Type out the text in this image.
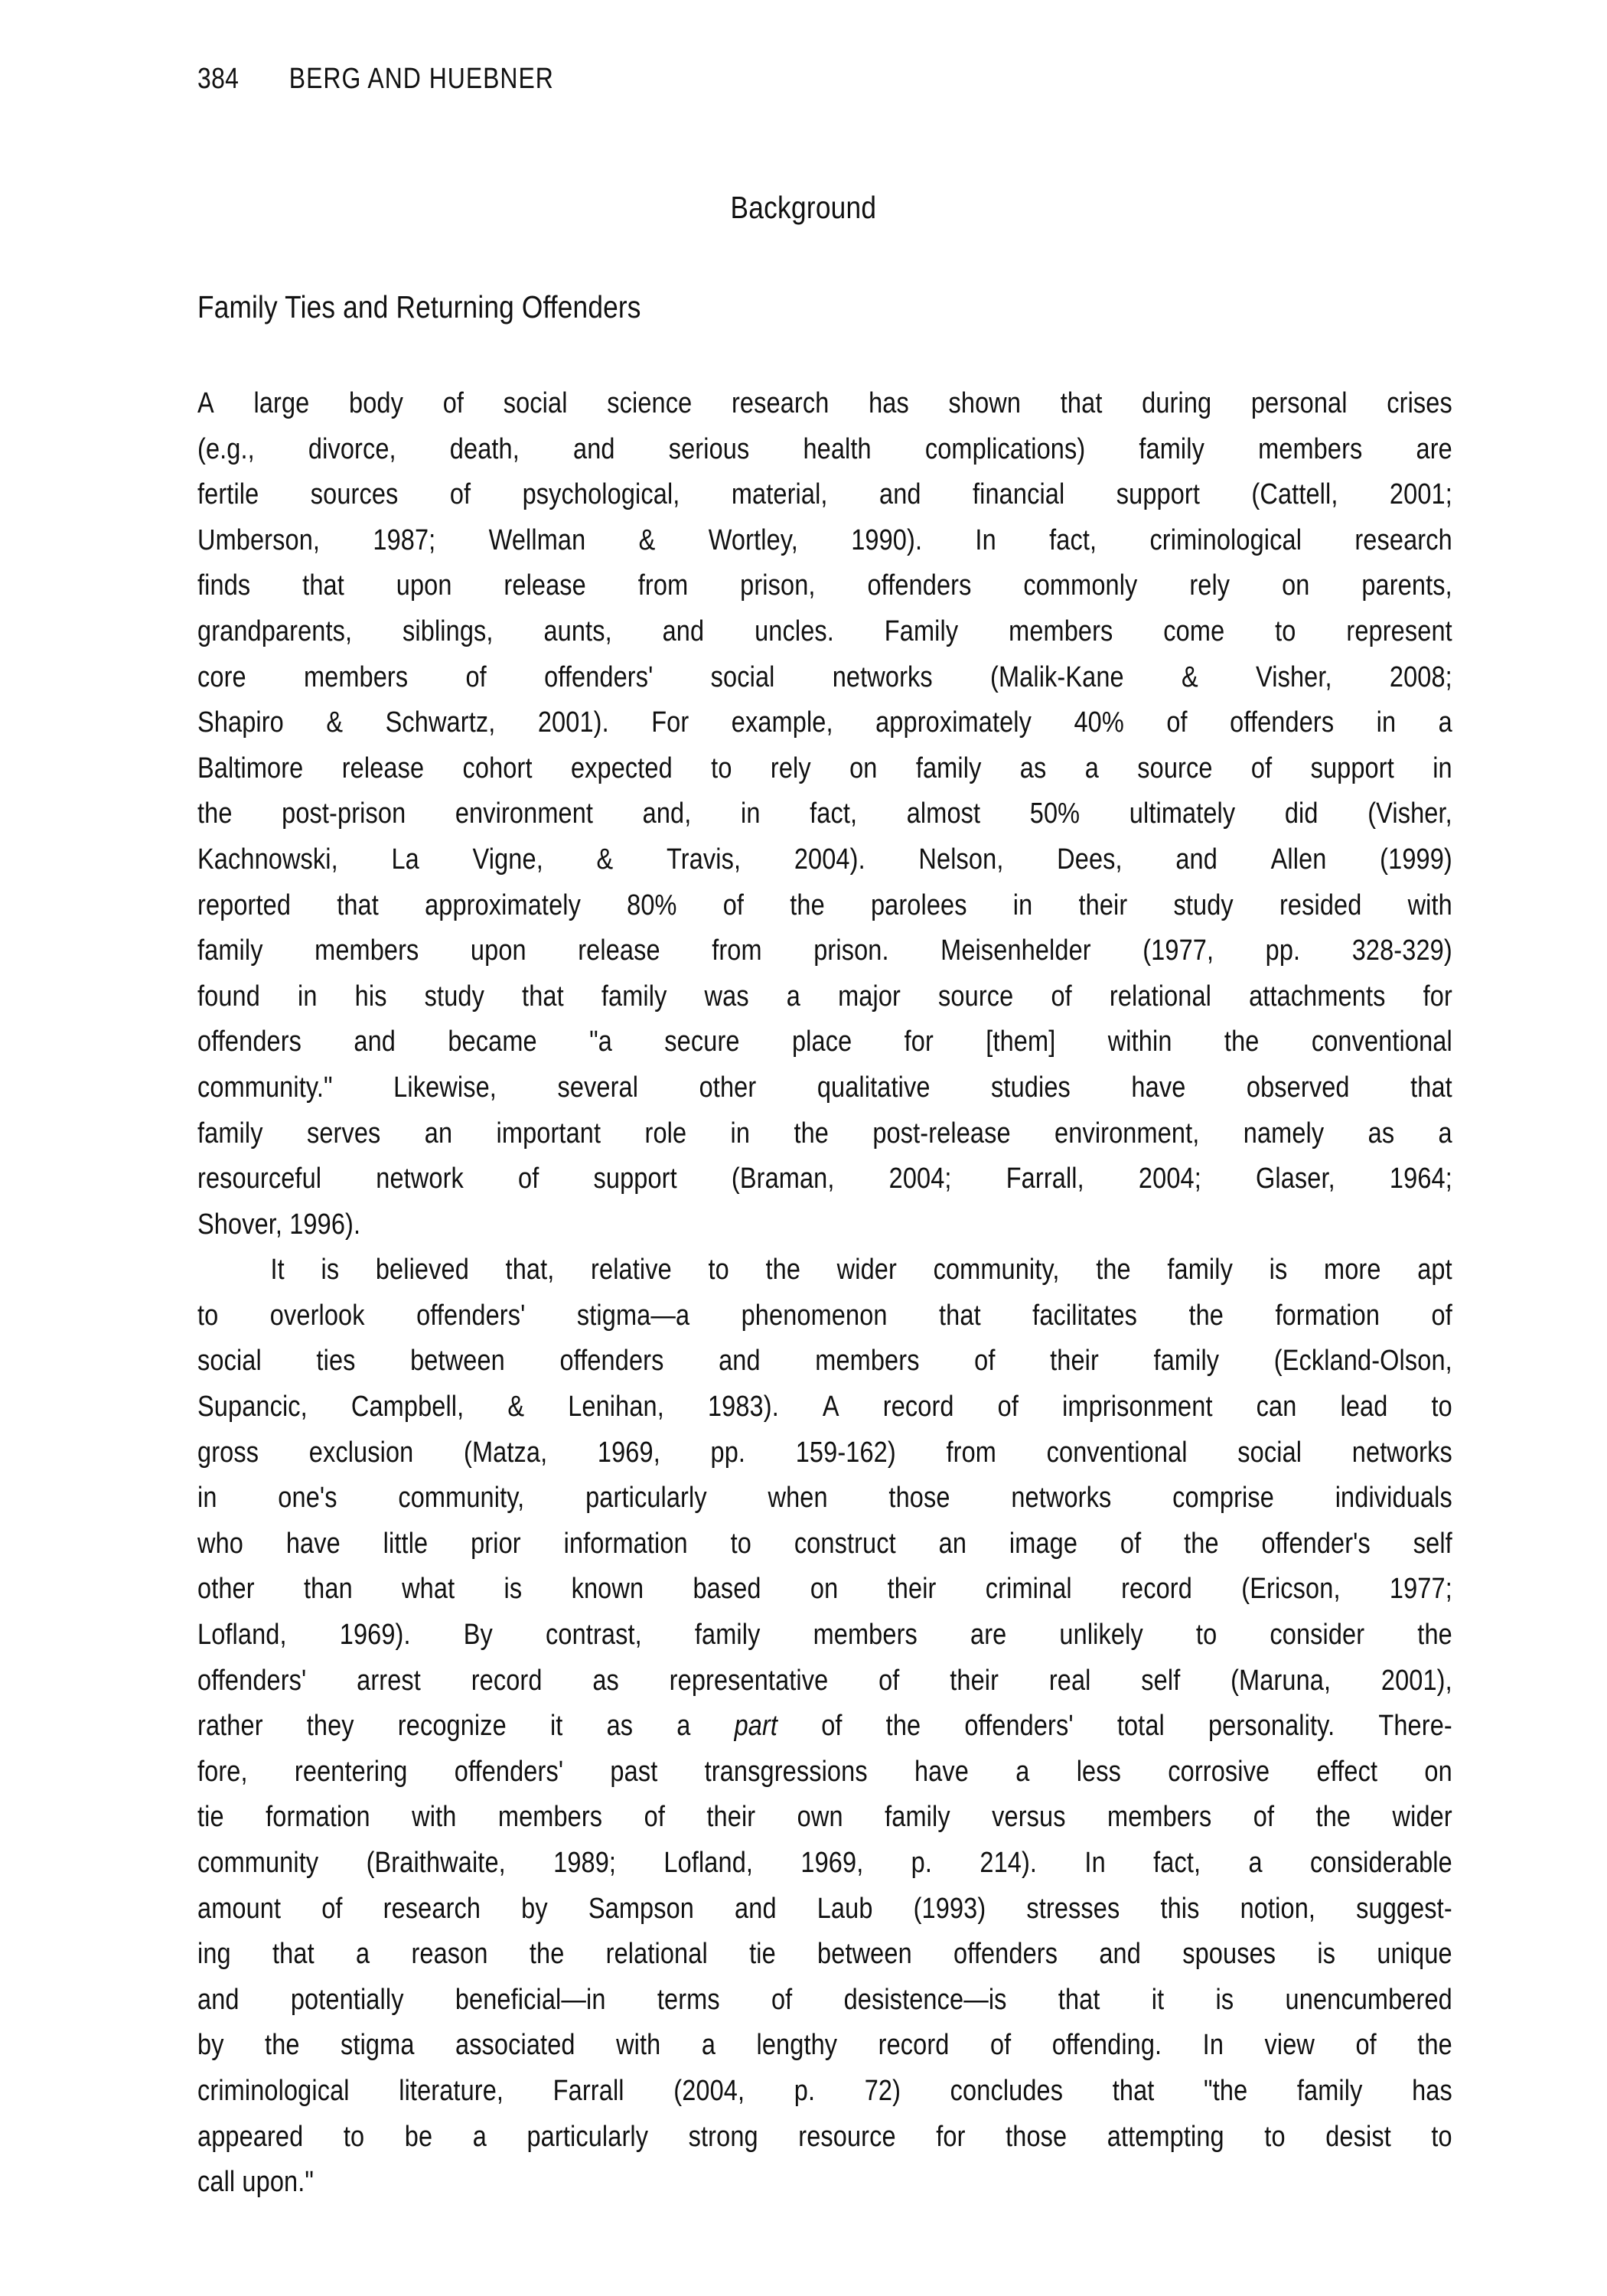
384 BERG AND HUEBNER
Background
Family Ties and Returning Offenders

A large body of social science research has shown that during personal crises
(e.g., divorce, death, and serious health complications) family members are
fertile sources of psychological, material, and financial support (Cattell, 2001;
Umberson, 1987; Wellman & Wortley, 1990). In fact, criminological research
finds that upon release from prison, offenders commonly rely on parents,
grandparents, siblings, aunts, and uncles. Family members come to represent
core members of offenders' social networks (Malik-Kane & Visher, 2008;
Shapiro & Schwartz, 2001). For example, approximately 40% of offenders in a
Baltimore release cohort expected to rely on family as a source of support in
the post-prison environment and, in fact, almost 50% ultimately did (Visher,
Kachnowski, La Vigne, & Travis, 2004). Nelson, Dees, and Allen (1999)
reported that approximately 80% of the parolees in their study resided with
family members upon release from prison. Meisenhelder (1977, pp. 328-329)
found in his study that family was a major source of relational attachments for
offenders and became "a secure place for [them] within the conventional
community." Likewise, several other qualitative studies have observed that
family serves an important role in the post-release environment, namely as a
resourceful network of support (Braman, 2004; Farrall, 2004; Glaser, 1964;
Shover, 1996).

It is believed that, relative to the wider community, the family is more apt
to overlook offenders' stigma—a phenomenon that facilitates the formation of
social ties between offenders and members of their family (Eckland-Olson,
Supancic, Campbell, & Lenihan, 1983). A record of imprisonment can lead to
gross exclusion (Matza, 1969, pp. 159-162) from conventional social networks
in one's community, particularly when those networks comprise individuals
who have little prior information to construct an image of the offender's self
other than what is known based on their criminal record (Ericson, 1977;
Lofland, 1969). By contrast, family members are unlikely to consider the
offenders' arrest record as representative of their real self (Maruna, 2001),
rather they recognize it as a part of the offenders' total personality. There-
fore, reentering offenders' past transgressions have a less corrosive effect on
tie formation with members of their own family versus members of the wider
community (Braithwaite, 1989; Lofland, 1969, p. 214). In fact, a considerable
amount of research by Sampson and Laub (1993) stresses this notion, suggest-
ing that a reason the relational tie between offenders and spouses is unique
and potentially beneficial—in terms of desistence—is that it is unencumbered
by the stigma associated with a lengthy record of offending. In view of the
criminological literature, Farrall (2004, p. 72) concludes that "the family has
appeared to be a particularly strong resource for those attempting to desist to
call upon."
